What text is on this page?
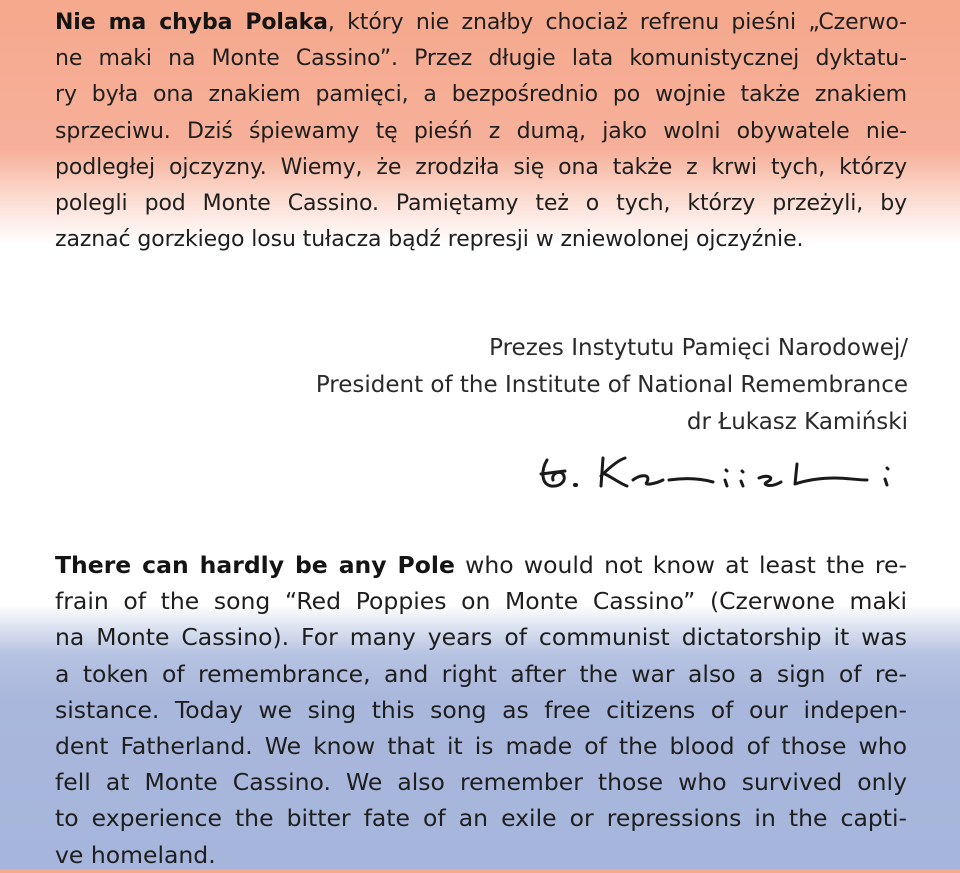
Nie ma chyba Polaka, który nie znałby chociaż refrenu pieśni „Czerwo-
ne maki na Monte Cassino”. Przez długie lata komunistycznej dyktatu-
ry była ona znakiem pamięci, a bezpośrednio po wojnie także znakiem
sprzeciwu. Dziś śpiewamy tę pieśń z dumą, jako wolni obywatele nie-
podległej ojczyzny. Wiemy, że zrodziła się ona także z krwi tych, którzy
polegli pod Monte Cassino. Pamiętamy też o tych, którzy przeżyli, by
zaznać gorzkiego losu tułacza bądź represji w zniewolonej ojczyźnie.
Prezes Instytutu Pamięci Narodowej/
President of the Institute of National Remembrance
dr Łukasz Kamiński
There can hardly be any Pole who would not know at least the re-
frain of the song “Red Poppies on Monte Cassino” (Czerwone maki
na Monte Cassino). For many years of communist dictatorship it was
a token of remembrance, and right after the war also a sign of re-
sistance. Today we sing this song as free citizens of our indepen-
dent Fatherland. We know that it is made of the blood of those who
fell at Monte Cassino. We also remember those who survived only
to experience the bitter fate of an exile or repressions in the capti-
ve homeland.
